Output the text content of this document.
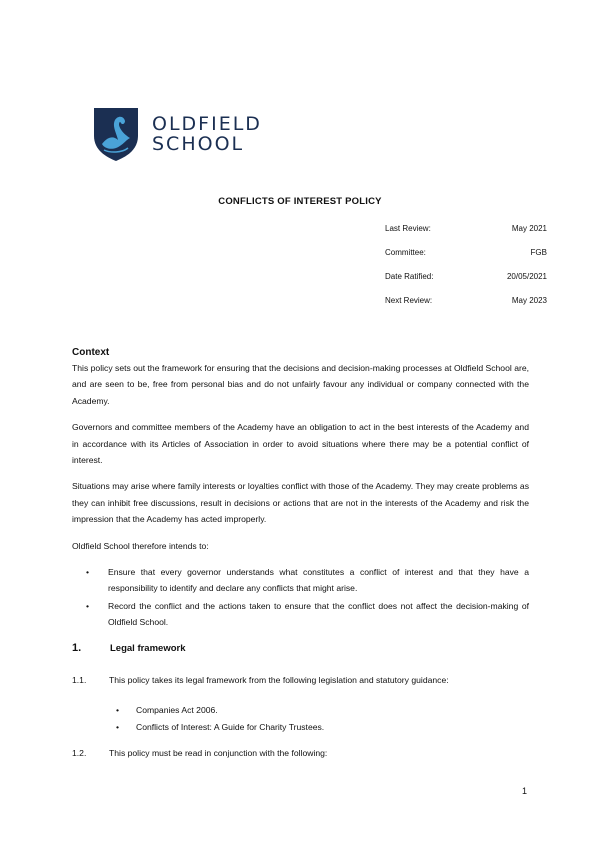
OLDFIELD
SCHOOL
CONFLICTS OF INTEREST POLICY
Last Review:	May 2021
Committee:	FGB
Date Ratified:	20/05/2021
Next Review:	May 2023
Context

This policy sets out the framework for ensuring that the decisions and decision-making processes at Oldfield School are, and are seen to be, free from personal bias and do not unfairly favour any individual or company connected with the Academy.

Governors and committee members of the Academy have an obligation to act in the best interests of the Academy and in accordance with its Articles of Association in order to avoid situations where there may be a potential conflict of interest.

Situations may arise where family interests or loyalties conflict with those of the Academy. They may create problems as they can inhibit free discussions, result in decisions or actions that are not in the interests of the Academy and risk the impression that the Academy has acted improperly.

Oldfield School therefore intends to:

• Ensure that every governor understands what constitutes a conflict of interest and that they have a responsibility to identify and declare any conflicts that might arise.
• Record the conflict and the actions taken to ensure that the conflict does not affect the decision-making of Oldfield School.
1.	Legal framework
1.1.	This policy takes its legal framework from the following legislation and statutory guidance:
• Companies Act 2006.
• Conflicts of Interest: A Guide for Charity Trustees.
1.2.	This policy must be read in conjunction with the following:
1
